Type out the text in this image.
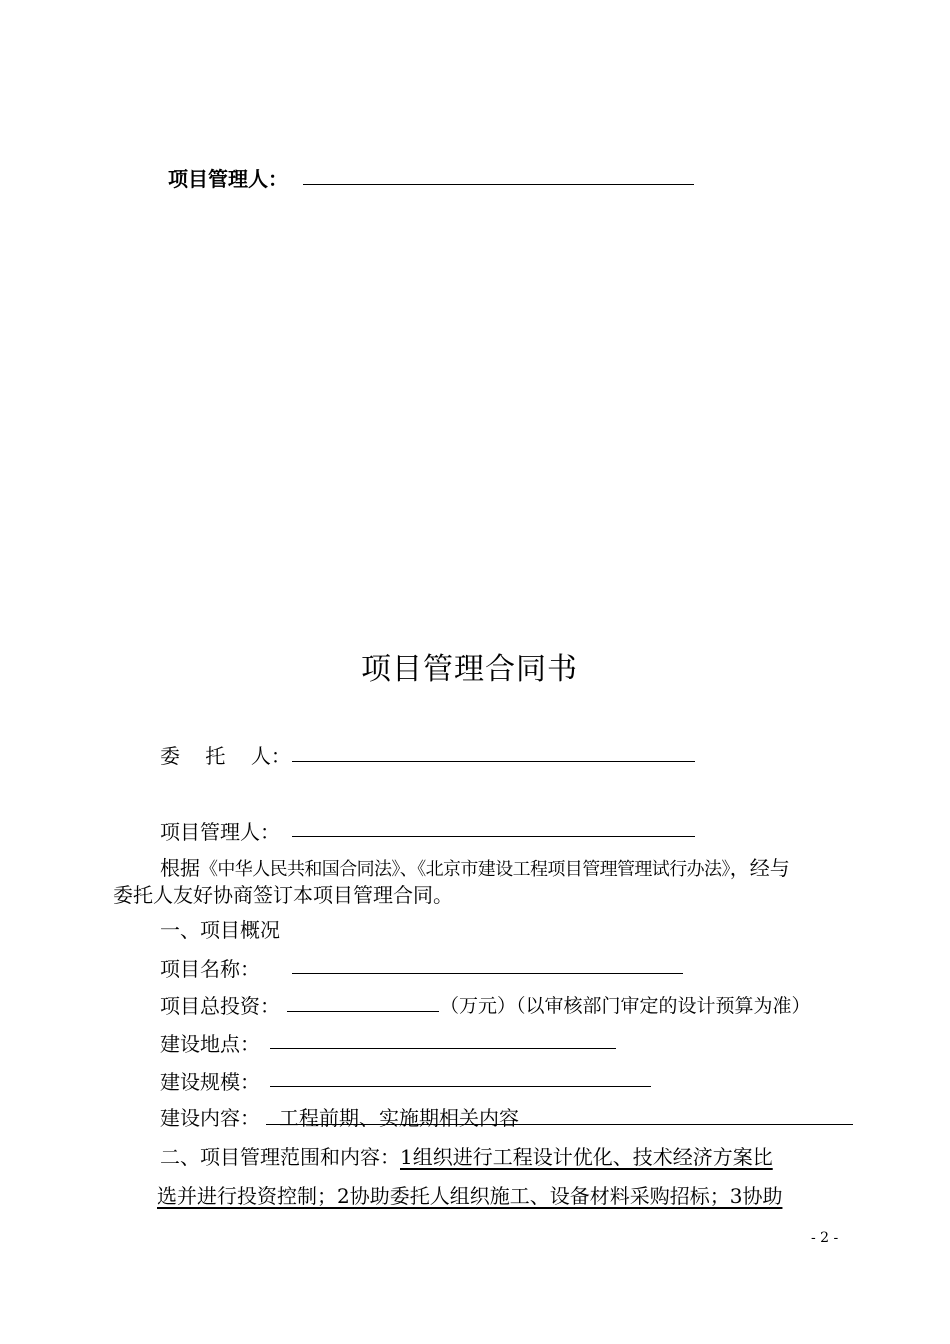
项目管理人：
项目管理合同书
委    托    人：
项目管理人：
根据《中华人民共和国合同法》、《北京市建设工程项目管理管理试行办法》，经与
委托人友好协商签订本项目管理合同。
一、项目概况
项目名称：
项目总投资：	（万元）（以审核部门审定的设计预算为准）
建设地点：
建设规模：
建设内容： 工程前期、实施期相关内容
二、项目管理范围和内容：1组织进行工程设计优化、技术经济方案比
选并进行投资控制；2协助委托人组织施工、设备材料采购招标；3协助
- 2 -
